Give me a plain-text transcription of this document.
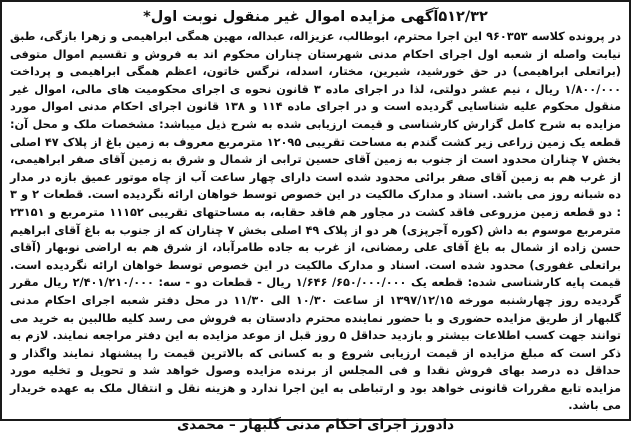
۵۱۲/۳۲آگهی مزایده اموال غیر منقول نوبت اول*

در پرونده کلاسه ۹۶۰۳۵۳ این اجرا محترم، ابوطالب، عزیزاله، عبداله، مهین همگی ابراهیمی و زهرا بازگی، طبق نیابت واصله از شعبه اول اجرای احکام مدنی شهرستان چناران محکوم اند به فروش و تقسیم اموال متوفی (براتعلی ابراهیمی) در حق خورشید، شیرین، مختار، اسدله، نرگس خاتون، اعظم همگی ابراهیمی و پرداخت ۱/۸۰۰/۰۰۰ ریال ، نیم عشر دولتی، لذا در اجرای ماده ۳ قانون نحوه ی اجرای محکومیت های مالی، اموال غیر منقول محکوم علیه شناسایی گردیده است و در اجرای ماده ۱۱۴ و ۱۳۸ قانون اجرای احکام مدنی اموال مورد مزایده به شرح کامل گزارش کارشناسی و قیمت ارزیابی شده به شرح ذیل میباشد: مشخصات ملک و محل آن: قطعه یک زمین زراعی زیر کشت گندم به مساحت تقریبی ۱۲۰۹۵ مترمربع معروف به زمین باغ از پلاک ۴۷ اصلی بخش ۷ چناران محدود است از جنوب به زمین آقای حسین ترابی از شمال و شرق به زمین آقای صفر ابراهیمی، از غرب هم به زمین آقای صفر برائی محدود شده است دارای چهار ساعت آب از چاه موتور عمیق بازه در مدار ده شبانه روز می باشد. اسناد و مدارک مالکیت در این خصوص توسط خواهان ارائه نگردیده است. قطعات ۲ و ۳ : دو قطعه زمین مزروعی فاقد کشت در مجاور هم فاقد حقابه، به مساحتهای تقریبی ۱۱۱۵۲ مترمربع و ۲۳۱۵۱ مترمربع موسوم به داش (کوره آجرپزی) هر دو از پلاک ۴۹ اصلی بخش ۷ چناران که از جنوب به باغ آقای ابراهیم حسن زاده از شمال به باغ آقای علی رمضانی، از غرب به جاده طامرآباد، از شرق هم به اراضی نوبهار (آقای براتعلی غفوری) محدود شده است. اسناد و مدارک مالکیت در این خصوص توسط خواهان ارائه نگردیده است. قیمت پایه کارشناسی شده: قطعه یک ۶۵۰/۰۰۰/۰۰۰/ ۱/۶۴۶ ریال - قطعات دو - سه: ۲/۴۰۱/۲۱۰/۰۰۰ ریال مقرر گردیده روز چهارشنبه مورخه ۱۳۹۷/۱۲/۱۵ از ساعت ۱۰/۳۰ الی ۱۱/۳۰ در محل دفتر شعبه اجرای احکام مدنی گلبهار از طریق مزایده حضوری و با حضور نماینده محترم دادستان به فروش می رسد کلیه طالبین به خرید می توانند جهت کسب اطلاعات بیشتر و بازدید حداقل ۵ روز قبل از موعد مزایده به این دفتر مراجعه نمایند. لازم به ذکر است که مبلغ مزایده از قیمت ارزیابی شروع و به کسانی که بالاترین قیمت را پیشنهاد نمایند واگذار و حداقل ده درصد بهای فروش نقدا و فی المجلس از برنده مزایده وصول خواهد شد و تحویل و تخلیه مورد مزایده تابع مقررات قانونی خواهد بود و ارتباطی به این اجرا ندارد و هزینه نقل و انتقال ملک به عهده خریدار می باشد.

دادورز اجرای احکام مدنی گلبهار – محمدی
